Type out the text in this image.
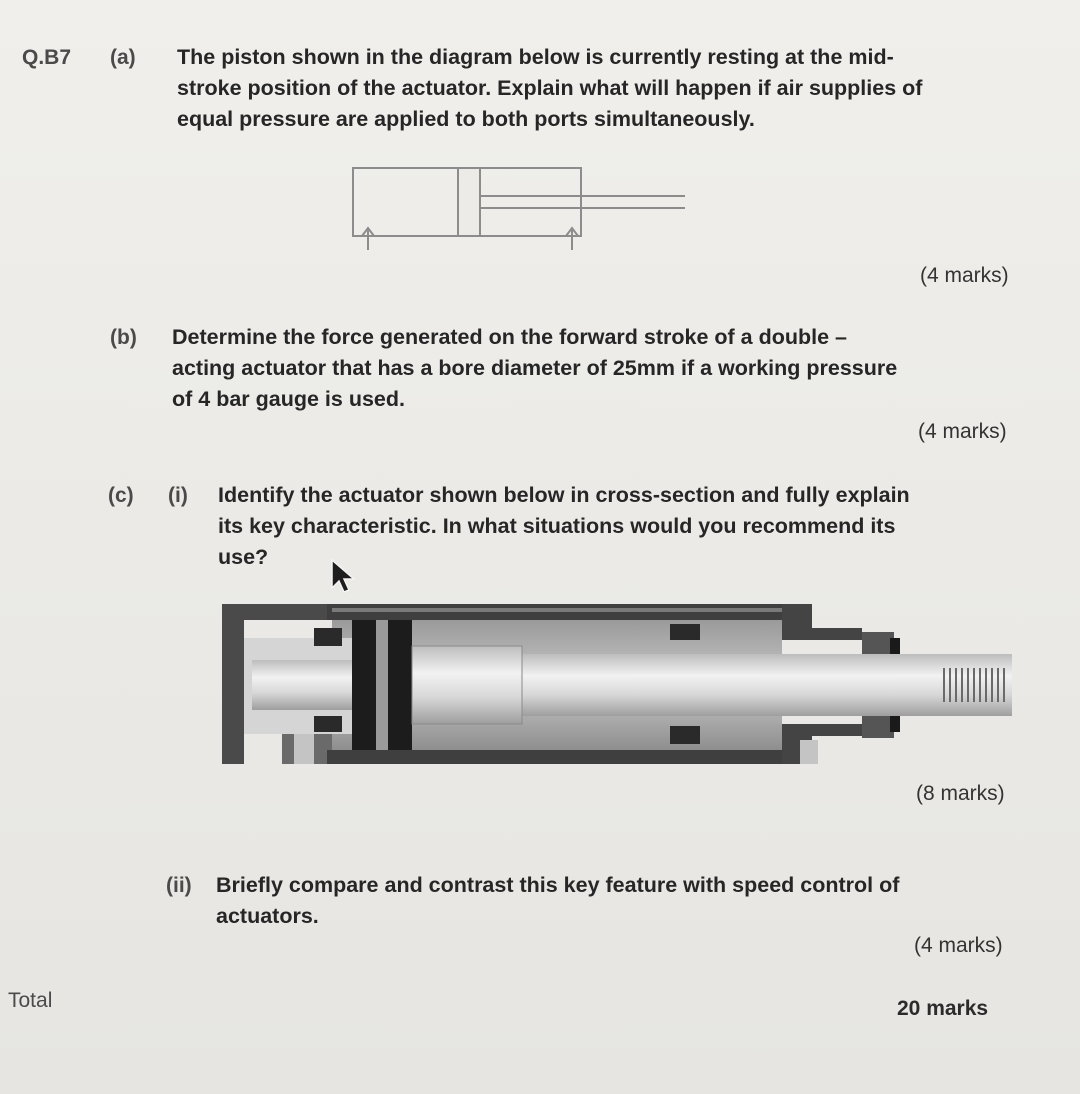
Q.B7 (a) The piston shown in the diagram below is currently resting at the mid-
stroke position of the actuator. Explain what will happen if air supplies of
equal pressure are applied to both ports simultaneously.
(4 marks)
(b) Determine the force generated on the forward stroke of a double –
acting actuator that has a bore diameter of 25mm if a working pressure
of 4 bar gauge is used.
(4 marks)
(c) (i) Identify the actuator shown below in cross-section and fully explain
its key characteristic. In what situations would you recommend its
use?
(8 marks)
(ii) Briefly compare and contrast this key feature with speed control of
actuators.
(4 marks)
Total	20 marks
